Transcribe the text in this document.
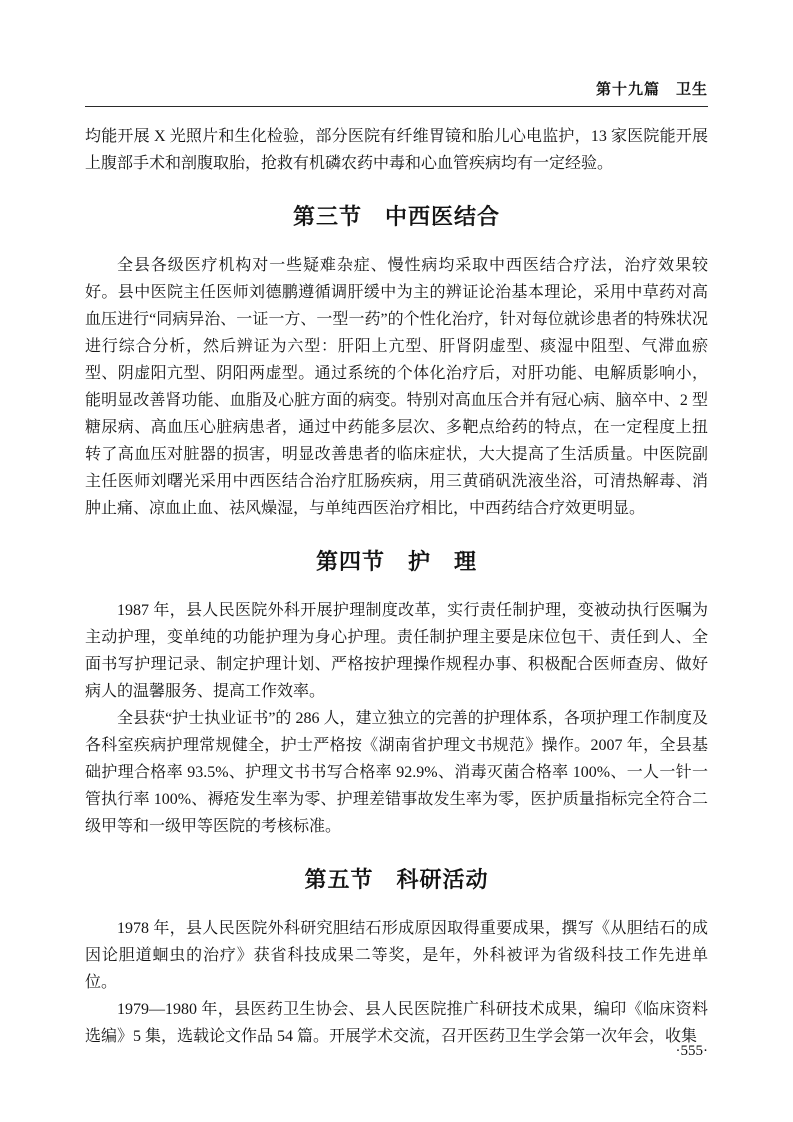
第十九篇　卫生

均能开展 X 光照片和生化检验，部分医院有纤维胃镜和胎儿心电监护，13 家医院能开展上腹部手术和剖腹取胎，抢救有机磷农药中毒和心血管疾病均有一定经验。

第三节　中西医结合

全县各级医疗机构对一些疑难杂症、慢性病均采取中西医结合疗法，治疗效果较好。县中医院主任医师刘德鹏遵循调肝缓中为主的辨证论治基本理论，采用中草药对高血压进行“同病异治、一证一方、一型一药”的个性化治疗，针对每位就诊患者的特殊状况进行综合分析，然后辨证为六型：肝阳上亢型、肝肾阴虚型、痰湿中阻型、气滞血瘀型、阴虚阳亢型、阴阳两虚型。通过系统的个体化治疗后，对肝功能、电解质影响小，能明显改善肾功能、血脂及心脏方面的病变。特别对高血压合并有冠心病、脑卒中、2 型糖尿病、高血压心脏病患者，通过中药能多层次、多靶点给药的特点，在一定程度上扭转了高血压对脏器的损害，明显改善患者的临床症状，大大提高了生活质量。中医院副主任医师刘曙光采用中西医结合治疗肛肠疾病，用三黄硝矾洗液坐浴，可清热解毒、消肿止痛、凉血止血、祛风燥湿，与单纯西医治疗相比，中西药结合疗效更明显。

第四节　护　理

1987 年，县人民医院外科开展护理制度改革，实行责任制护理，变被动执行医嘱为主动护理，变单纯的功能护理为身心护理。责任制护理主要是床位包干、责任到人、全面书写护理记录、制定护理计划、严格按护理操作规程办事、积极配合医师查房、做好病人的温馨服务、提高工作效率。

全县获“护士执业证书”的 286 人，建立独立的完善的护理体系，各项护理工作制度及各科室疾病护理常规健全，护士严格按《湖南省护理文书规范》操作。2007 年，全县基础护理合格率 93.5%、护理文书书写合格率 92.9%、消毒灭菌合格率 100%、一人一针一管执行率 100%、褥疮发生率为零、护理差错事故发生率为零，医护质量指标完全符合二级甲等和一级甲等医院的考核标准。

第五节　科研活动

1978 年，县人民医院外科研究胆结石形成原因取得重要成果，撰写《从胆结石的成因论胆道蛔虫的治疗》获省科技成果二等奖，是年，外科被评为省级科技工作先进单位。

1979—1980 年，县医药卫生协会、县人民医院推广科研技术成果，编印《临床资料选编》5 集，选载论文作品 54 篇。开展学术交流，召开医药卫生学会第一次年会，收集

·555·
